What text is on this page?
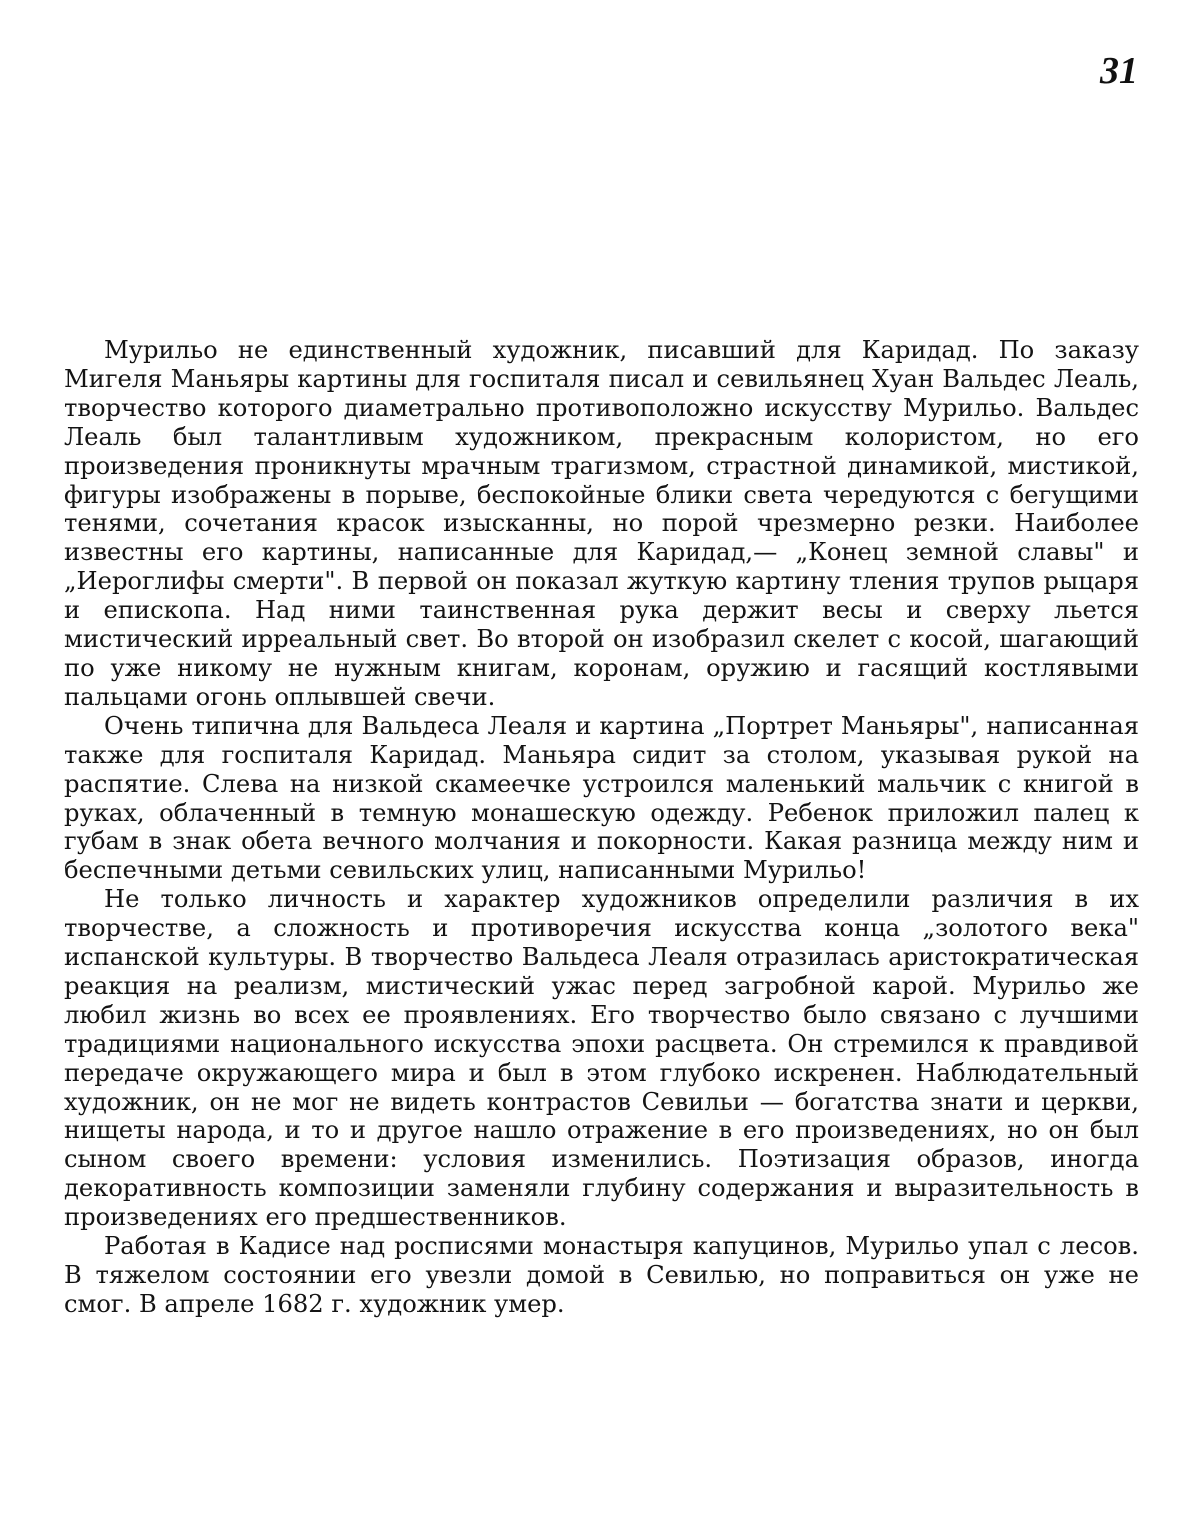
31

Мурильо не единственный художник, писавший для Каридад. По заказу Мигеля Маньяры картины для госпиталя писал и севильянец Хуан Вальдес Леаль, творчество которого диаметрально противоположно искусству Мурильо. Вальдес Леаль был талантливым художником, прекрасным колористом, но его произведения проникнуты мрачным трагизмом, страстной динамикой, мистикой, фигуры изображены в порыве, беспокойные блики света чередуются с бегущими тенями, сочетания красок изысканны, но порой чрезмерно резки. Наиболее известны его картины, написанные для Каридад,— „Конец земной славы" и „Иероглифы смерти". В первой он показал жуткую картину тления трупов рыцаря и епископа. Над ними таинственная рука держит весы и сверху льется мистический ирреальный свет. Во второй он изобразил скелет с косой, шагающий по уже никому не нужным книгам, коронам, оружию и гасящий костлявыми пальцами огонь оплывшей свечи.

Очень типична для Вальдеса Леаля и картина „Портрет Маньяры", написанная также для госпиталя Каридад. Маньяра сидит за столом, указывая рукой на распятие. Слева на низкой скамеечке устроился маленький мальчик с книгой в руках, облаченный в темную монашескую одежду. Ребенок приложил палец к губам в знак обета вечного молчания и покорности. Какая разница между ним и беспечными детьми севильских улиц, написанными Мурильо!

Не только личность и характер художников определили различия в их творчестве, а сложность и противоречия искусства конца „золотого века" испанской культуры. В творчество Вальдеса Леаля отразилась аристократическая реакция на реализм, мистический ужас перед загробной карой. Мурильо же любил жизнь во всех ее проявлениях. Его творчество было связано с лучшими традициями национального искусства эпохи расцвета. Он стремился к правдивой передаче окружающего мира и был в этом глубоко искренен. Наблюдательный художник, он не мог не видеть контрастов Севильи — богатства знати и церкви, нищеты народа, и то и другое нашло отражение в его произведениях, но он был сыном своего времени: условия изменились. Поэтизация образов, иногда декоративность композиции заменяли глубину содержания и выразительность в произведениях его предшественников.

Работая в Кадисе над росписями монастыря капуцинов, Мурильо упал с лесов. В тяжелом состоянии его увезли домой в Севилью, но поправиться он уже не смог. В апреле 1682 г. художник умер.
